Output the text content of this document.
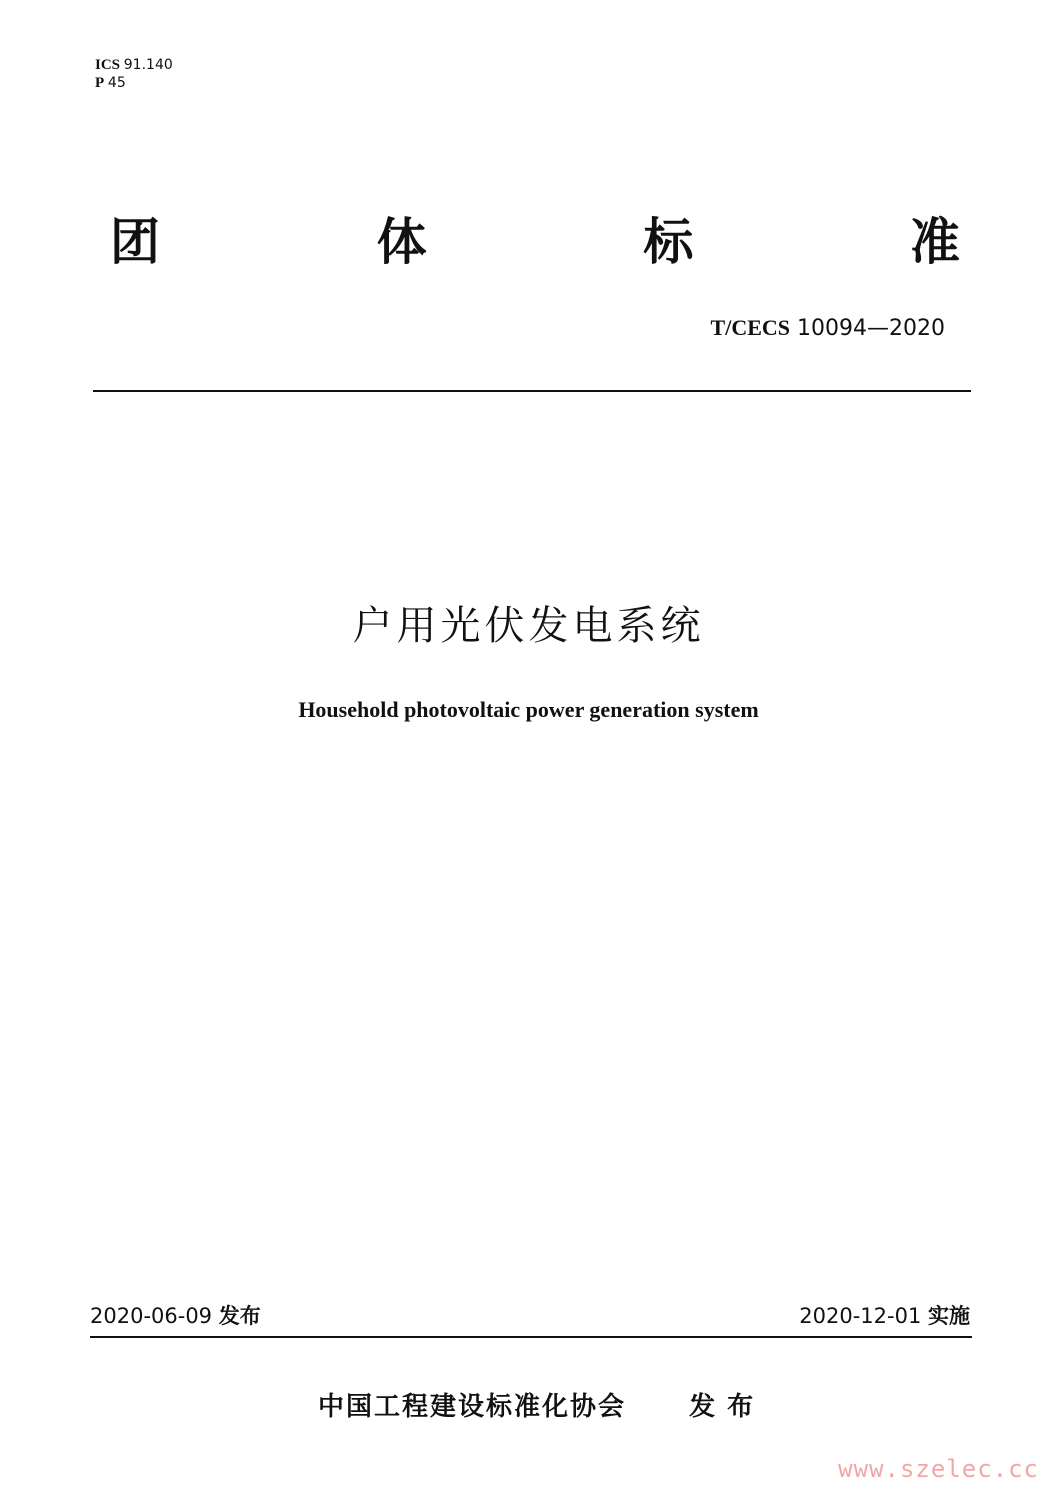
ICS 91.140
P 45
团	体	标	准
T/CECS 10094—2020
户用光伏发电系统
Household photovoltaic power generation system
2020-06-09 发布	2020-12-01 实施
中国工程建设标准化协会 发布
www.szelec.cc
